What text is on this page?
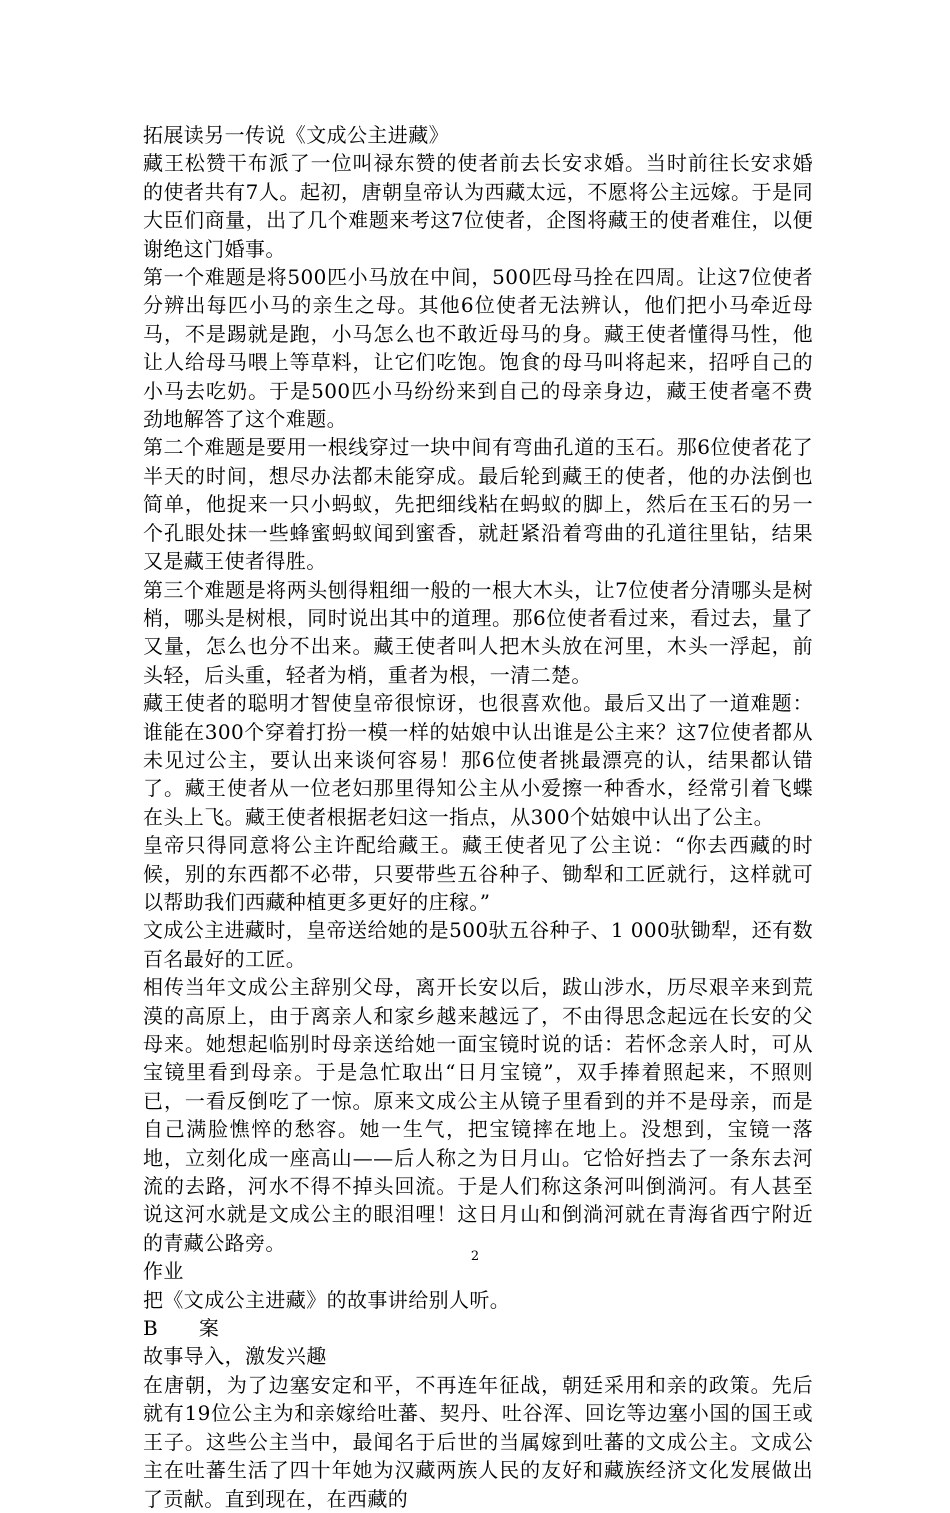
拓展读另一传说《文成公主进藏》

藏王松赞干布派了一位叫禄东赞的使者前去长安求婚。当时前往长安求婚的使者共有7人。起初，唐朝皇帝认为西藏太远，不愿将公主远嫁。于是同大臣们商量，出了几个难题来考这7位使者，企图将藏王的使者难住，以便谢绝这门婚事。

第一个难题是将500匹小马放在中间，500匹母马拴在四周。让这7位使者分辨出每匹小马的亲生之母。其他6位使者无法辨认，他们把小马牵近母马，不是踢就是跑，小马怎么也不敢近母马的身。藏王使者懂得马性，他让人给母马喂上等草料，让它们吃饱。饱食的母马叫将起来，招呼自己的小马去吃奶。于是500匹小马纷纷来到自己的母亲身边，藏王使者毫不费劲地解答了这个难题。

第二个难题是要用一根线穿过一块中间有弯曲孔道的玉石。那6位使者花了半天的时间，想尽办法都未能穿成。最后轮到藏王的使者，他的办法倒也简单，他捉来一只小蚂蚁，先把细线粘在蚂蚁的脚上，然后在玉石的另一个孔眼处抹一些蜂蜜蚂蚁闻到蜜香，就赶紧沿着弯曲的孔道往里钻，结果又是藏王使者得胜。

第三个难题是将两头刨得粗细一般的一根大木头，让7位使者分清哪头是树梢，哪头是树根，同时说出其中的道理。那6位使者看过来，看过去，量了又量，怎么也分不出来。藏王使者叫人把木头放在河里，木头一浮起，前头轻，后头重，轻者为梢，重者为根，一清二楚。

藏王使者的聪明才智使皇帝很惊讶，也很喜欢他。最后又出了一道难题：谁能在300个穿着打扮一模一样的姑娘中认出谁是公主来？这7位使者都从未见过公主，要认出来谈何容易！那6位使者挑最漂亮的认，结果都认错了。藏王使者从一位老妇那里得知公主从小爱擦一种香水，经常引着飞蝶在头上飞。藏王使者根据老妇这一指点，从300个姑娘中认出了公主。

皇帝只得同意将公主许配给藏王。藏王使者见了公主说：“你去西藏的时候，别的东西都不必带，只要带些五谷种子、锄犁和工匠就行，这样就可以帮助我们西藏种植更多更好的庄稼。”

文成公主进藏时，皇帝送给她的是500驮五谷种子、1 000驮锄犁，还有数百名最好的工匠。

相传当年文成公主辞别父母，离开长安以后，跋山涉水，历尽艰辛来到荒漠的高原上，由于离亲人和家乡越来越远了，不由得思念起远在长安的父母来。她想起临别时母亲送给她一面宝镜时说的话：若怀念亲人时，可从宝镜里看到母亲。于是急忙取出“日月宝镜”，双手捧着照起来，不照则已，一看反倒吃了一惊。原来文成公主从镜子里看到的并不是母亲，而是自己满脸憔悴的愁容。她一生气，把宝镜摔在地上。没想到，宝镜一落地，立刻化成一座高山——后人称之为日月山。它恰好挡去了一条东去河流的去路，河水不得不掉头回流。于是人们称这条河叫倒淌河。有人甚至说这河水就是文成公主的眼泪哩！这日月山和倒淌河就在青海省西宁附近的青藏公路旁。

作业

把《文成公主进藏》的故事讲给别人听。

B　　案

故事导入，激发兴趣

在唐朝，为了边塞安定和平，不再连年征战，朝廷采用和亲的政策。先后就有19位公主为和亲嫁给吐蕃、契丹、吐谷浑、回讫等边塞小国的国王或王子。这些公主当中，最闻名于后世的当属嫁到吐蕃的文成公主。文成公主在吐蕃生活了四十年她为汉藏两族人民的友好和藏族经济文化发展做出了贡献。直到现在，在西藏的

2
